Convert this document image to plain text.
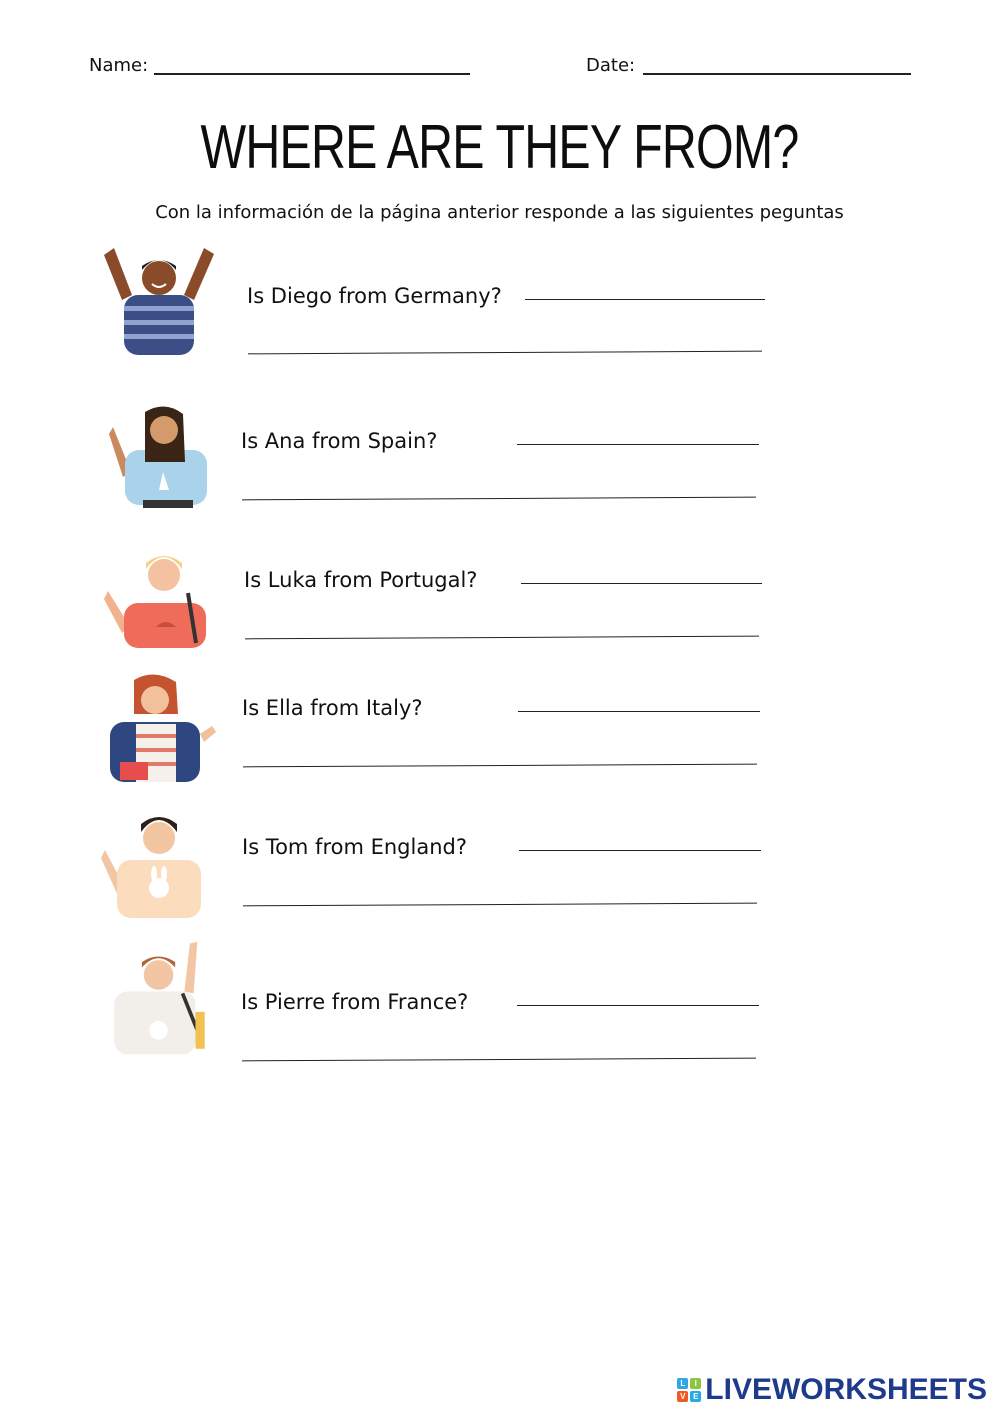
Name:	Date:
WHERE ARE THEY FROM?
Con la información de la página anterior responde a las siguientes peguntas
Is Diego from Germany?
Is Ana from Spain?
Is Luka from Portugal?
Is Ella from Italy?
Is Tom from England?
Is Pierre from France?
L	I
V E LIVEWORKSHEETS
